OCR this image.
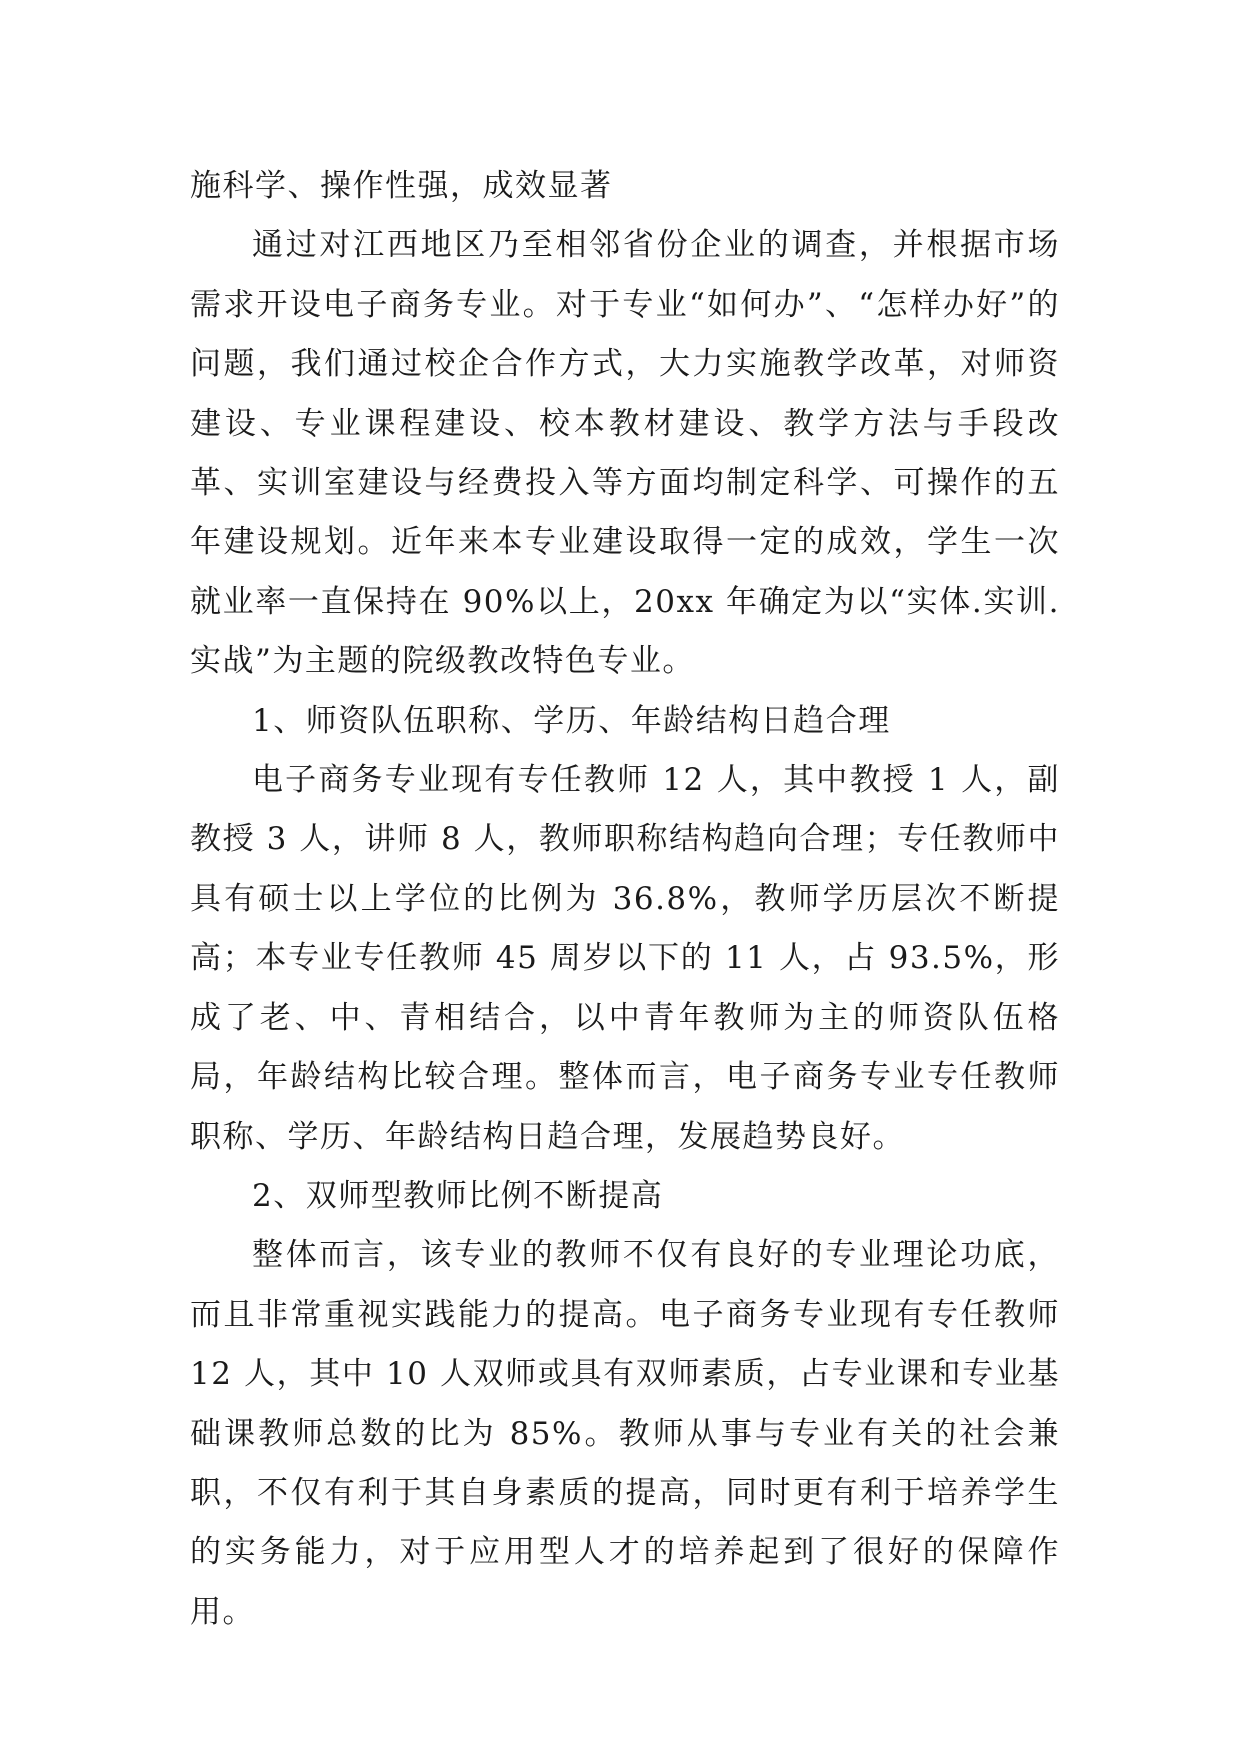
施科学、操作性强，成效显著

通过对江西地区乃至相邻省份企业的调查，并根据市场需求开设电子商务专业。对于专业“如何办”、“怎样办好”的问题，我们通过校企合作方式，大力实施教学改革，对师资建设、专业课程建设、校本教材建设、教学方法与手段改革、实训室建设与经费投入等方面均制定科学、可操作的五年建设规划。近年来本专业建设取得一定的成效，学生一次就业率一直保持在 90%以上，20xx 年确定为以“实体.实训.实战”为主题的院级教改特色专业。

1、师资队伍职称、学历、年龄结构日趋合理

电子商务专业现有专任教师 12 人，其中教授 1 人，副教授 3 人，讲师 8 人，教师职称结构趋向合理；专任教师中具有硕士以上学位的比例为 36.8%，教师学历层次不断提高；本专业专任教师 45 周岁以下的 11 人，占 93.5%，形成了老、中、青相结合，以中青年教师为主的师资队伍格局，年龄结构比较合理。整体而言，电子商务专业专任教师职称、学历、年龄结构日趋合理，发展趋势良好。

2、双师型教师比例不断提高

整体而言，该专业的教师不仅有良好的专业理论功底，而且非常重视实践能力的提高。电子商务专业现有专任教师 12 人，其中 10 人双师或具有双师素质，占专业课和专业基础课教师总数的比为 85%。教师从事与专业有关的社会兼职，不仅有利于其自身素质的提高，同时更有利于培养学生的实务能力，对于应用型人才的培养起到了很好的保障作用。
